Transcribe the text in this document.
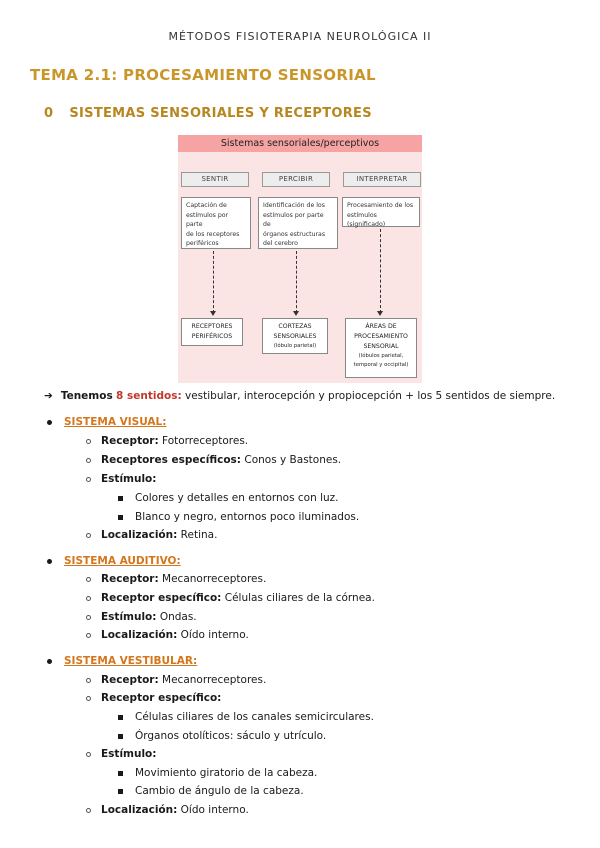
MÉTODOS FISIOTERAPIA NEUROLÓGICA II
TEMA 2.1: PROCESAMIENTO SENSORIAL
0 SISTEMAS SENSORIALES Y RECEPTORES
Sistemas sensoriales/perceptivos
SENTIR	PERCIBIR	INTERPRETAR
Captación de
estímulos por parte
de los receptores
periféricos
Identificación de los
estímulos por parte de
órganos estructuras
del cerebro
Procesamiento de los
estímulos (significado)
RECEPTORES
PERIFÉRICOS
CORTEZAS
SENSORIALES
(lóbulo parietal)
ÁREAS DE
PROCESAMIENTO
SENSORIAL
(lóbulos parietal, temporal y occipital)
➔ Tenemos 8 sentidos: vestibular, interocepción y propiocepción + los 5 sentidos de siempre.
SISTEMA VISUAL:
Receptor: Fotorreceptores.
Receptores específicos: Conos y Bastones.
Estímulo:
Colores y detalles en entornos con luz.
Blanco y negro, entornos poco iluminados.
Localización: Retina.
SISTEMA AUDITIVO:
Receptor: Mecanorreceptores.
Receptor específico: Células ciliares de la córnea.
Estímulo: Ondas.
Localización: Oído interno.
SISTEMA VESTIBULAR:
Receptor: Mecanorreceptores.
Receptor específico:
Células ciliares de los canales semicirculares.
Órganos otolíticos: sáculo y utrículo.
Estímulo:
Movimiento giratorio de la cabeza.
Cambio de ángulo de la cabeza.
Localización: Oído interno.
